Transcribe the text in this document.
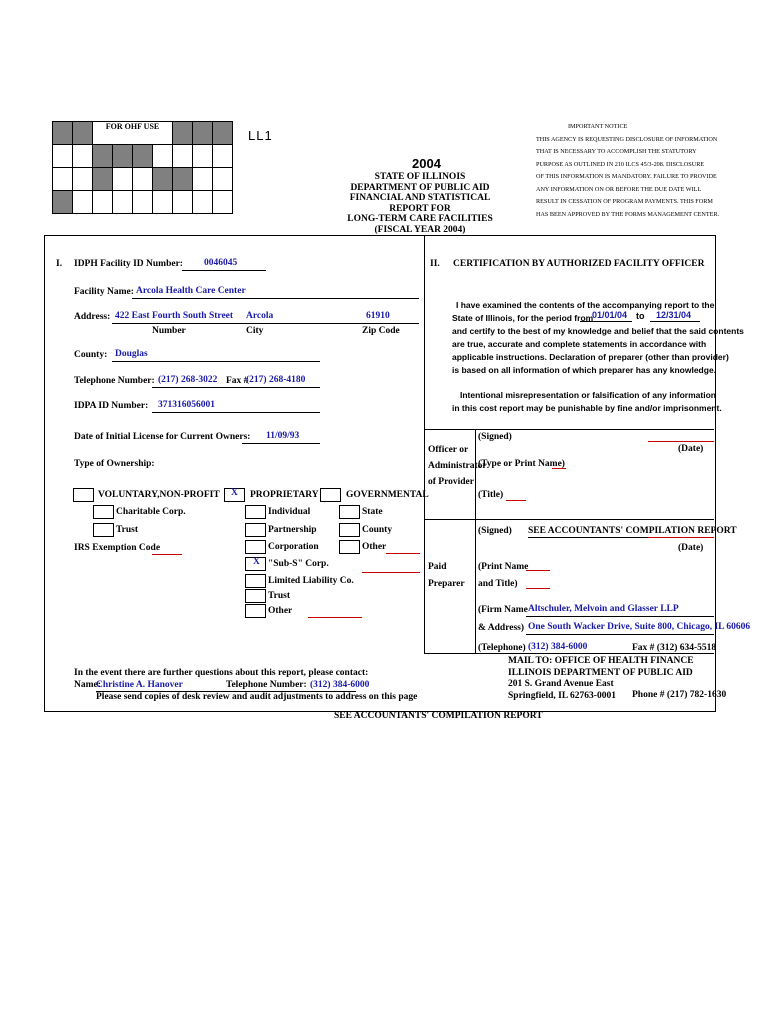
		FOR OHF USE						

LL1
2004
STATE OF ILLINOIS
DEPARTMENT OF PUBLIC AID
FINANCIAL AND STATISTICAL REPORT FOR
LONG-TERM CARE FACILITIES
(FISCAL YEAR 2004)
IMPORTANT NOTICE
THIS AGENCY IS REQUESTING DISCLOSURE OF INFORMATION
THAT IS NECESSARY TO ACCOMPLISH THE STATUTORY
PURPOSE AS OUTLINED IN 210 ILCS 45/3-208. DISCLOSURE
OF THIS INFORMATION IS MANDATORY. FAILURE TO PROVIDE
ANY INFORMATION ON OR BEFORE THE DUE DATE WILL
RESULT IN CESSATION OF PROGRAM PAYMENTS. THIS FORM
HAS BEEN APPROVED BY THE FORMS MANAGEMENT CENTER.
I. IDPH Facility ID Number: 0046045
Facility Name: Arcola Health Care Center
Address: 422 East Fourth South Street Arcola	61910
Number	City	Zip Code
County: Douglas
Telephone Number: (217) 268-3022 Fax #
(217) 268-4180
IDPA ID Number: 371316056001
Date of Initial License for Current Owners: 11/09/93
Type of Ownership:
VOLUNTARY,NON-PROFIT
Charitable Corp.
Trust
IRS Exemption Code
X PROPRIETARY
Individual
Partnership
Corporation
X "Sub-S" Corp.
Limited Liability Co.
Trust
Other
GOVERNMENTAL
State
County
Other
In the event there are further questions about this report, please contact:
Name:
Christine A. Hanover	Telephone Number: (312) 384-6000
Please send copies of desk review and audit adjustments to address on this page
II. CERTIFICATION BY AUTHORIZED FACILITY OFFICER
I have examined the contents of the accompanying report to the
State of Illinois, for the period from
01/01/04 to 12/31/04
and certify to the best of my knowledge and belief that the said contents
are true, accurate and complete statements in accordance with
applicable instructions. Declaration of preparer (other than provider)
is based on all information of which preparer has any knowledge.
Intentional misrepresentation or falsification of any information
in this cost report may be punishable by fine and/or imprisonment.
Officer or
Administrator
of Provider
(Signed)
(Date)
(Type or Print Name)
(Title)
(Signed) SEE ACCOUNTANTS' COMPILATION REPORT
(Date)
Paid
Preparer
(Print Name
and Title)
(Firm Name Altschuler, Melvoin and Glasser LLP
& Address) One South Wacker Drive, Suite 800, Chicago, IL 60606
(Telephone) (312) 384-6000	Fax # (312) 634-5518
MAIL TO: OFFICE OF HEALTH FINANCE
ILLINOIS DEPARTMENT OF PUBLIC AID
201 S. Grand Avenue East
Springfield, IL 62763-0001	Phone # (217) 782-1630
SEE ACCOUNTANTS' COMPILATION REPORT
